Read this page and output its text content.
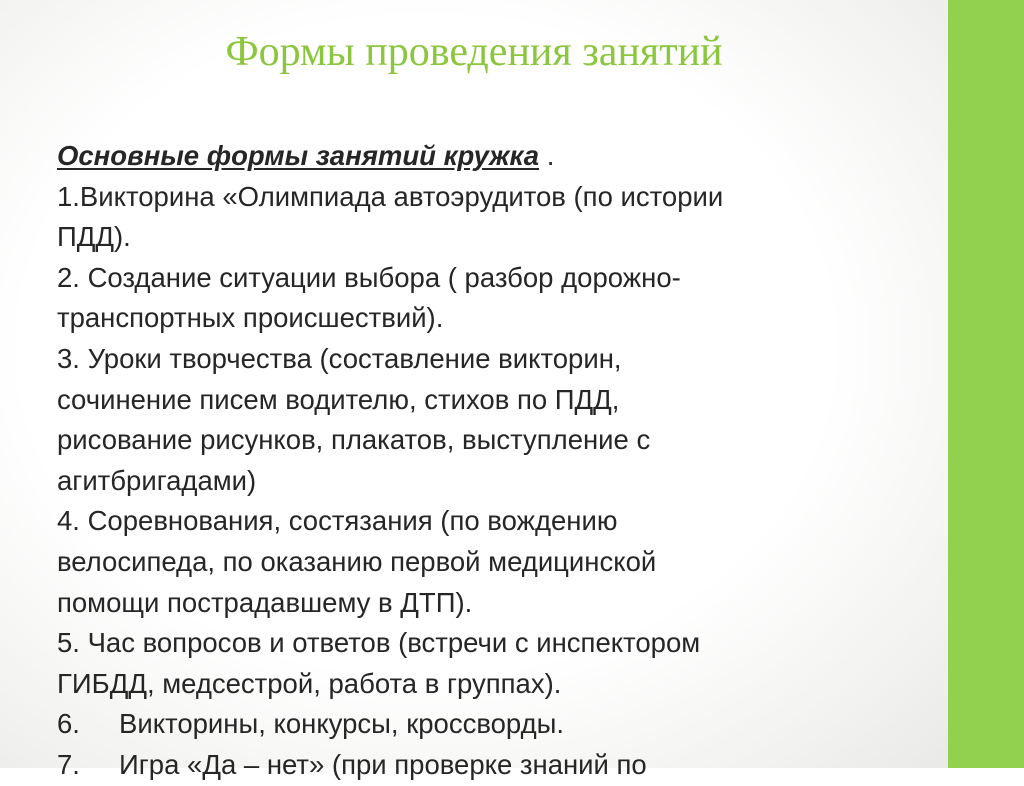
Формы проведения занятий
Основные формы занятий кружка .
1.Викторина «Олимпиада автоэрудитов (по истории
ПДД).
2. Создание ситуации выбора ( разбор дорожно-
транспортных происшествий).
3. Уроки творчества (составление викторин,
сочинение писем водителю, стихов по ПДД,
рисование рисунков, плакатов, выступление с
агитбригадами)
4. Соревнования, состязания (по вождению
велосипеда, по оказанию первой медицинской
помощи пострадавшему в ДТП).
5. Час вопросов и ответов (встречи с инспектором
ГИБДД, медсестрой, работа в группах).
6. Викторины, конкурсы, кроссворды.
7. Игра «Да – нет» (при проверке знаний по
